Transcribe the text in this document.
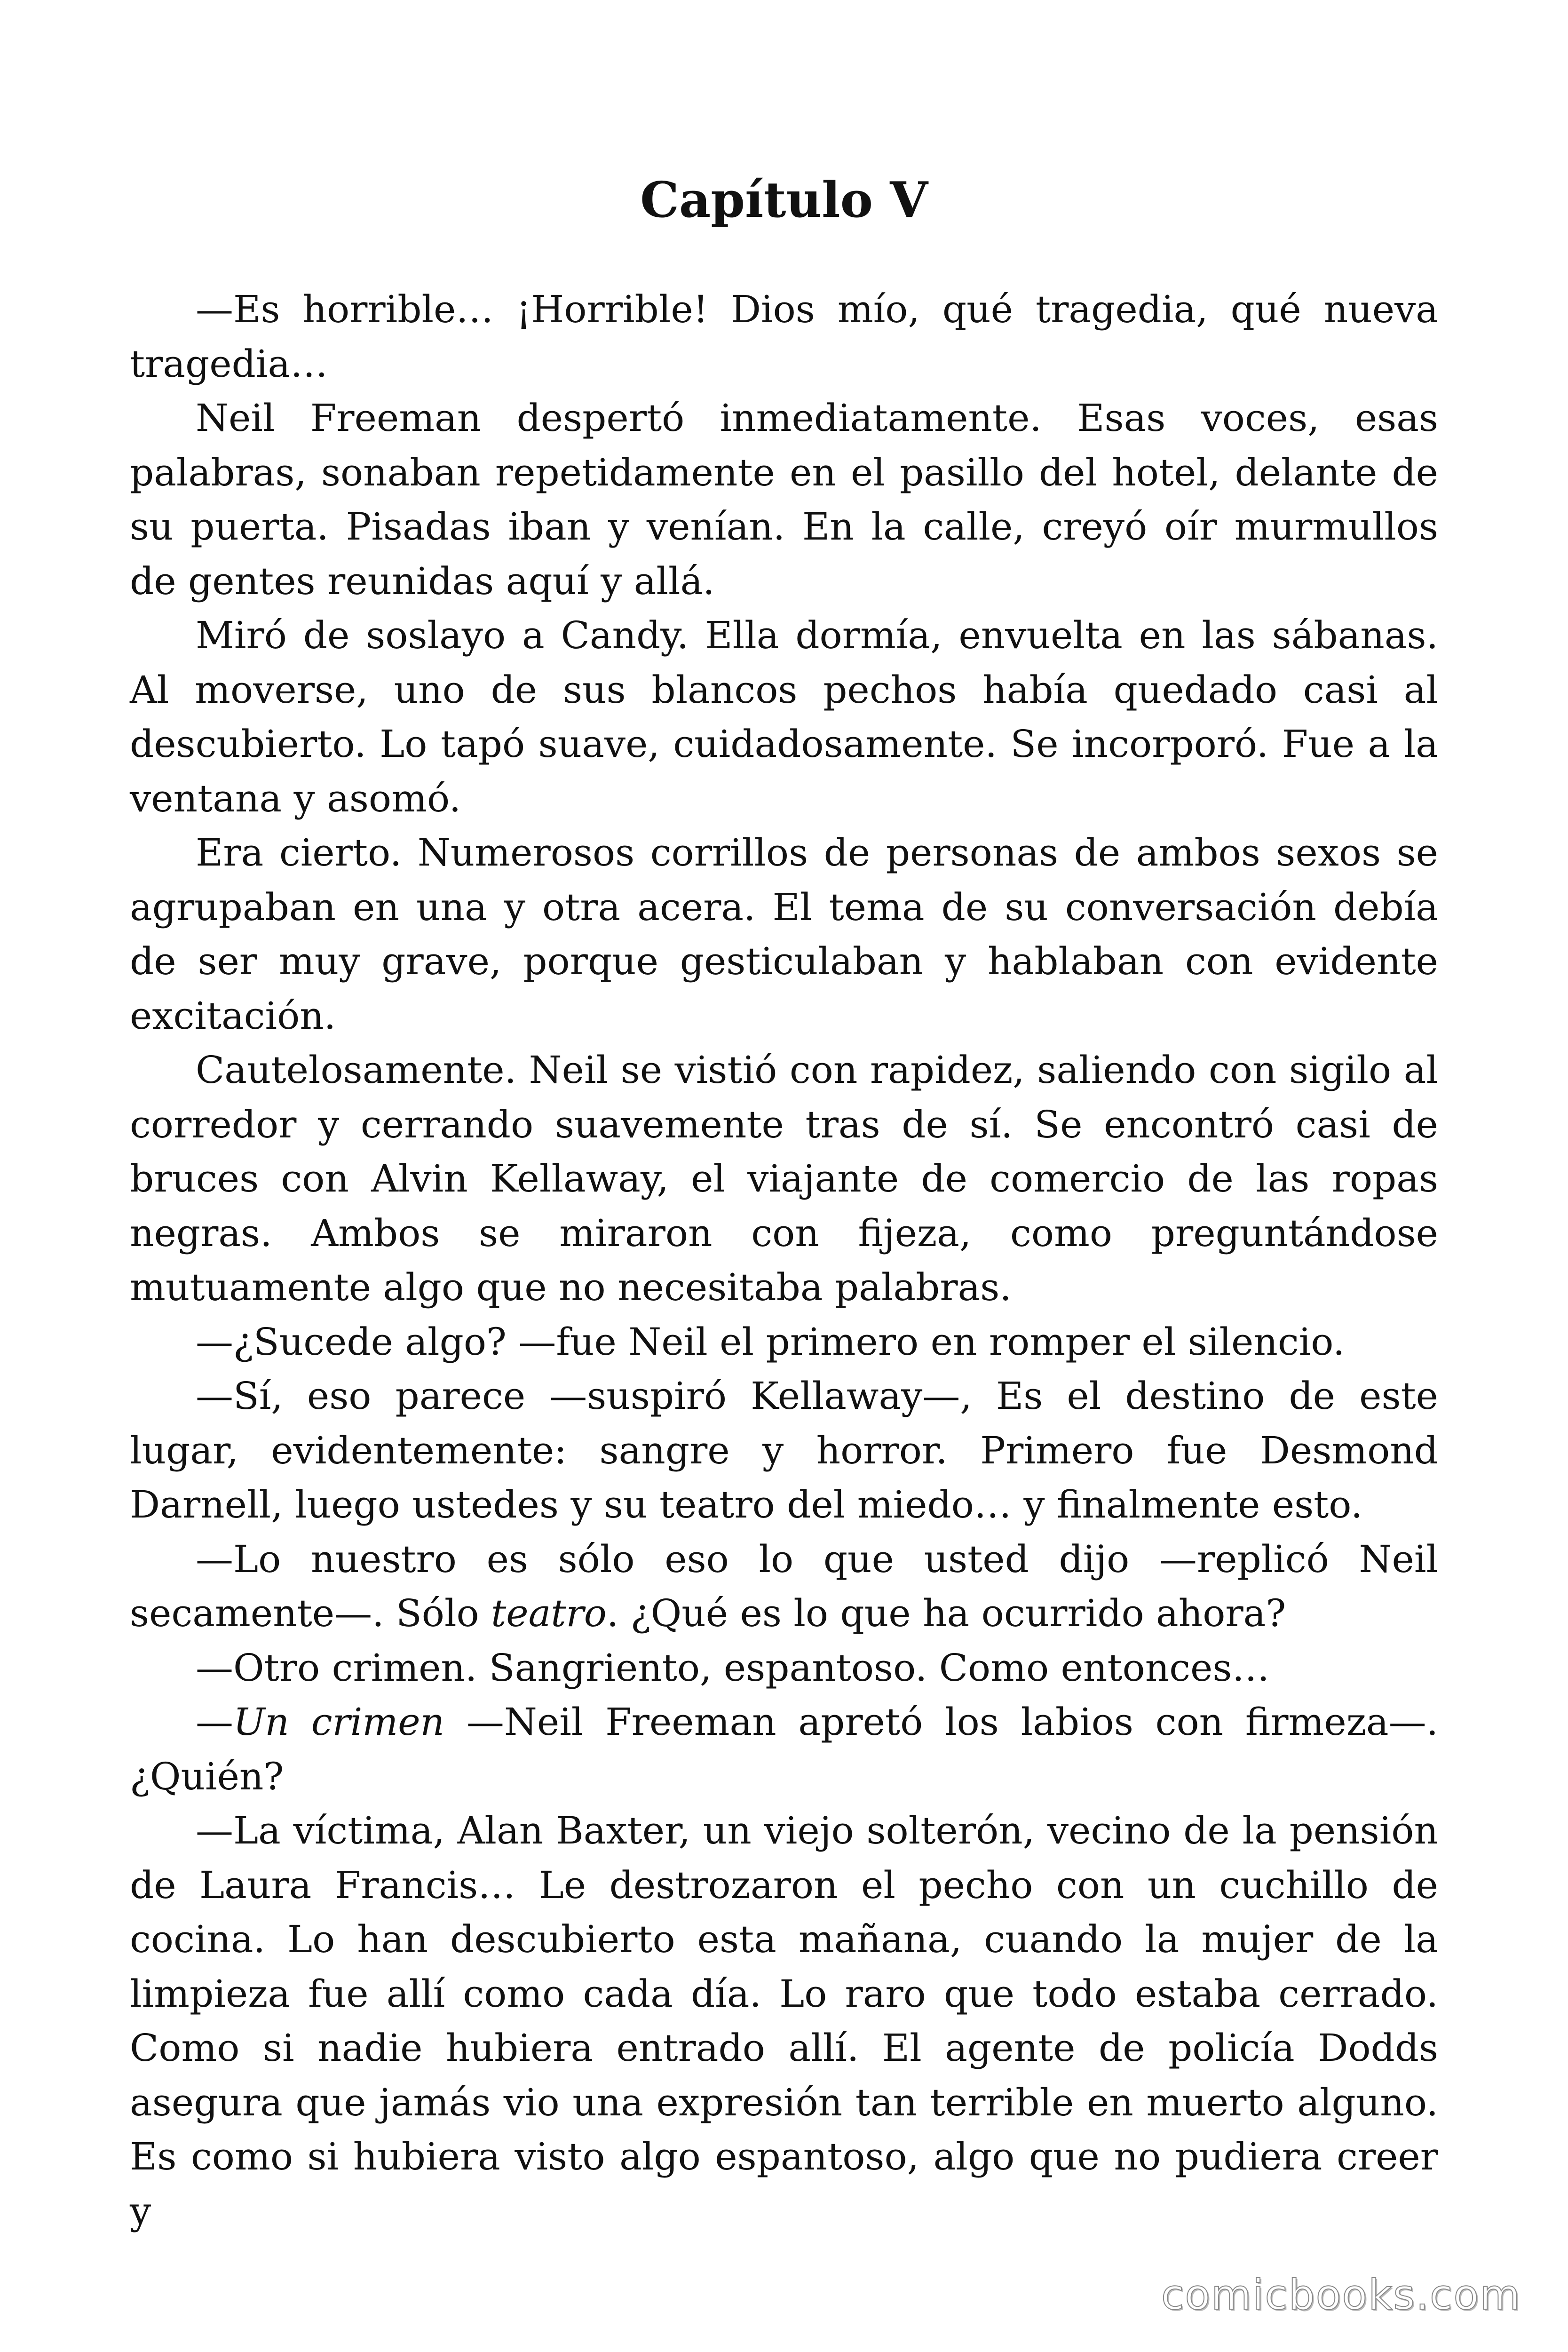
Capítulo V

—Es horrible… ¡Horrible! Dios mío, qué tragedia, qué nueva tragedia…

Neil Freeman despertó inmediatamente. Esas voces, esas palabras, sonaban repetidamente en el pasillo del hotel, delante de su puerta. Pisadas iban y venían. En la calle, creyó oír murmullos de gentes reunidas aquí y allá.

Miró de soslayo a Candy. Ella dormía, envuelta en las sábanas. Al moverse, uno de sus blancos pechos había quedado casi al descubierto. Lo tapó suave, cuidadosamente. Se incorporó. Fue a la ventana y asomó.

Era cierto. Numerosos corrillos de personas de ambos sexos se agrupaban en una y otra acera. El tema de su conversación debía de ser muy grave, porque gesticulaban y hablaban con evidente excitación.

Cautelosamente. Neil se vistió con rapidez, saliendo con sigilo al corredor y cerrando suavemente tras de sí. Se encontró casi de bruces con Alvin Kellaway, el viajante de comercio de las ropas negras. Ambos se miraron con fijeza, como preguntándose mutuamente algo que no necesitaba palabras.

—¿Sucede algo? —fue Neil el primero en romper el silencio.

—Sí, eso parece —suspiró Kellaway—, Es el destino de este lugar, evidentemente: sangre y horror. Primero fue Desmond Darnell, luego ustedes y su teatro del miedo… y finalmente esto.

—Lo nuestro es sólo eso lo que usted dijo —replicó Neil secamente—. Sólo teatro. ¿Qué es lo que ha ocurrido ahora?

—Otro crimen. Sangriento, espantoso. Como entonces…

—Un crimen —Neil Freeman apretó los labios con firmeza—. ¿Quién?

—La víctima, Alan Baxter, un viejo solterón, vecino de la pensión de Laura Francis… Le destrozaron el pecho con un cuchillo de cocina. Lo han descubierto esta mañana, cuando la mujer de la limpieza fue allí como cada día. Lo raro que todo estaba cerrado. Como si nadie hubiera entrado allí. El agente de policía Dodds asegura que jamás vio una expresión tan terrible en muerto alguno. Es como si hubiera visto algo espantoso, algo que no pudiera creer y

comicbooks.com
